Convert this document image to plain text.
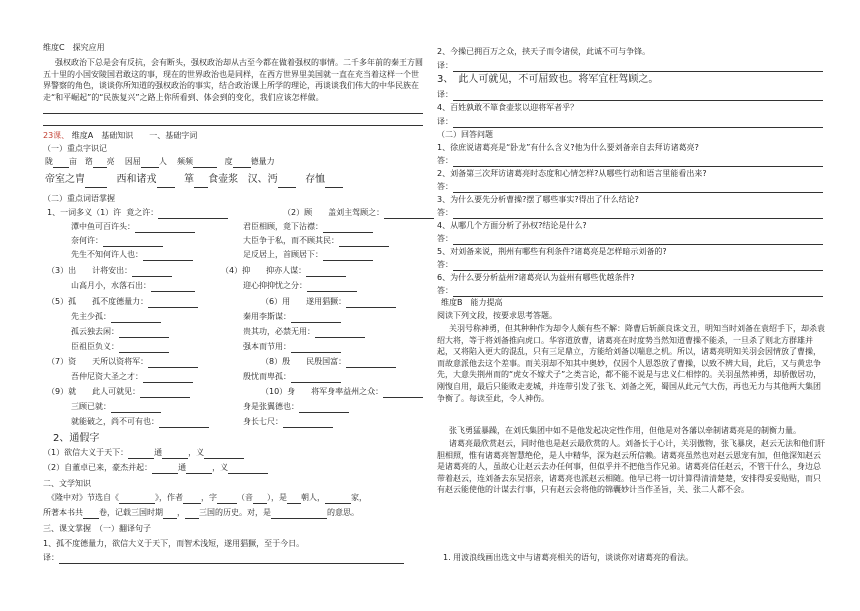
维度C　探究应用
强权政治下总是会有反抗，会有断头，强权政治却从古至今都在做着强权的事情。二千多年前的秦王方圆五十里的小国安陵国君敢这的事，现在的世界政治也是同样，在西方世界里美国就一直在充当着这样一个世界警察的角色，谈谈你所知道的强权政治的事实，结合政治课上所学的理论，再谈谈我们伟大的中华民族在走“和平崛起”的“民族复兴”之路上你所看到、体会到的变化，我们应该怎样做。
23课、 维度A　基础知识　　一、基础字词
（一）重点字识记
陇 亩 谘 亮 因屈 人 频频	度 德量力
帝室之胄	西和诸戎	箪 食壶浆 汉、沔	存恤
（二）重点词语掌握
1、一词多义（1）许 竟之许：	（2）顾　　盖刘主驾顾之：
潭中鱼可百许头：	君臣相顾，竟下沾襟：
奈何许：	大臣争于私，而不顾其民：
先生不知何许人也：	足反居上，首顾居下：
（3）出　　计将安出：	（4）抑　　抑亦人谋：
山高月小，水落石出：	迎心抑抑忧之分：
（5）孤　　孤不度德量力：	（6）用　　遂用猖獗：
先主少孤：	秦用李斯谋：
孤云独去闲：	贵其功，必禁无用：
臣祖臣负义：	强本而节用：
（7）资　　天所以资将军：	（8）殷　　民殷国富：
吾仲尼资大圣之才：	殷忧而卑孤：
（9）就　　此人可就见：	（10）身　　将军身率益州之众：
三顾已就：	身是张翼德也：
就能破之，尚不可有也：	身长七尺：
2、通假字
（1）欲信大义于天下：	通	，义
（2）自董卓已来，豪杰并起：	通	，义
二、文学知识
《隆中对》节选自《	》，作者 ，字	（音 ），是 朝人，	家，
所著本书共 卷，记载三国时期 ， 三国的历史。对，是	的意思。
三、课文掌握　（一）翻译句子
1、孤不度德量力，欲信大义于天下，而智术浅短，遂用猖獗，至于今日。
译：
2、今操已拥百万之众，挟天子而令诸侯，此诚不可与争锋。
译：
3、　此人可就见，不可屈致也。将军宜枉驾顾之。
译：
4、百姓孰敢不箪食壶浆以迎将军者乎？
译：
（二）回答问题
1、徐庶说诸葛亮是“卧龙”有什么含义?他为什么要刘备亲自去拜访诸葛亮?
答：
2、刘备第三次拜访诸葛亮时态度和心情怎样?从哪些行动和语言里能看出来?
答：
3、为什么要先分析曹操?摆了哪些事实?得出了什么结论?
答：
4、从哪几个方面分析了孙权?结论是什么?
答：
5、对刘备来说，荆州有哪些有利条件?诸葛亮是怎样暗示刘备的?
答：
6、为什么要分析益州?诸葛亮认为益州有哪些优越条件?
答：
维度B　能力提高
阅读下列文段，按要求思考答题。
关羽号称神勇，但其种种作为却令人颇有些不解：降曹后斩颜良诛文丑，明知当时刘备在袁绍手下，却杀袁绍大将，等于将刘备推向虎口。华容道放曹，诸葛亮在时度势当然知道曹操不能杀，一旦杀了则北方群雄并起，又将陷入更大的混乱，只有三足鼎立，方能给刘备以喘息之机。所以，诸葛亮明知关羽会因情放了曹操，而故意派他去这个差事。而关羽却不知其中奥妙，仅因个人恩怨放了曹操，以致不辨大局，此后，又与黄忠争先，大意失荆州而的“虎女不嫁犬子”之类言论，都不能不说是与忠义仁相悖的。关羽虽然神勇，却骄傲居功，刚愎自用，最后只能败走麦城，并连带引发了张飞、刘备之死，蜀国从此元气大伤，再也无力与其他两大集团争衡了。每读至此，令人神伤。
张飞勇猛暴躁，在刘氏集团中如不是他发起决定性作用，但他是对各藩以牵制诸葛亮是的制衡力量。
诸葛亮最欣赏赵云，同时他也是赵云最欣赏的人。刘备长于心计，关羽傲物，张飞暴戾，赵云无法和他们肝胆相照，惟有诸葛亮智慧绝伦，是人中精华，深为赵云所信赖。诸葛亮虽然也对赵云恩宠有加，但他深知赵云是诸葛亮的人，虽故心让赵云去办任何事，但似乎并不把他当作兄弟。诸葛亮信任赵云，不管干什么，身边总带着赵云，连刘备去东吴招亲，诸葛亮也派赵云相随。他早已将一切计算得清清楚楚，安排得妥妥贴贴，而只有赵云能使他的计谋去行事，只有赵云会将他的锦囊妙计当作圣旨，关、张二人都不会。
1. 用波浪线画出选文中与诸葛亮相关的语句，谈谈你对诸葛亮的看法。
